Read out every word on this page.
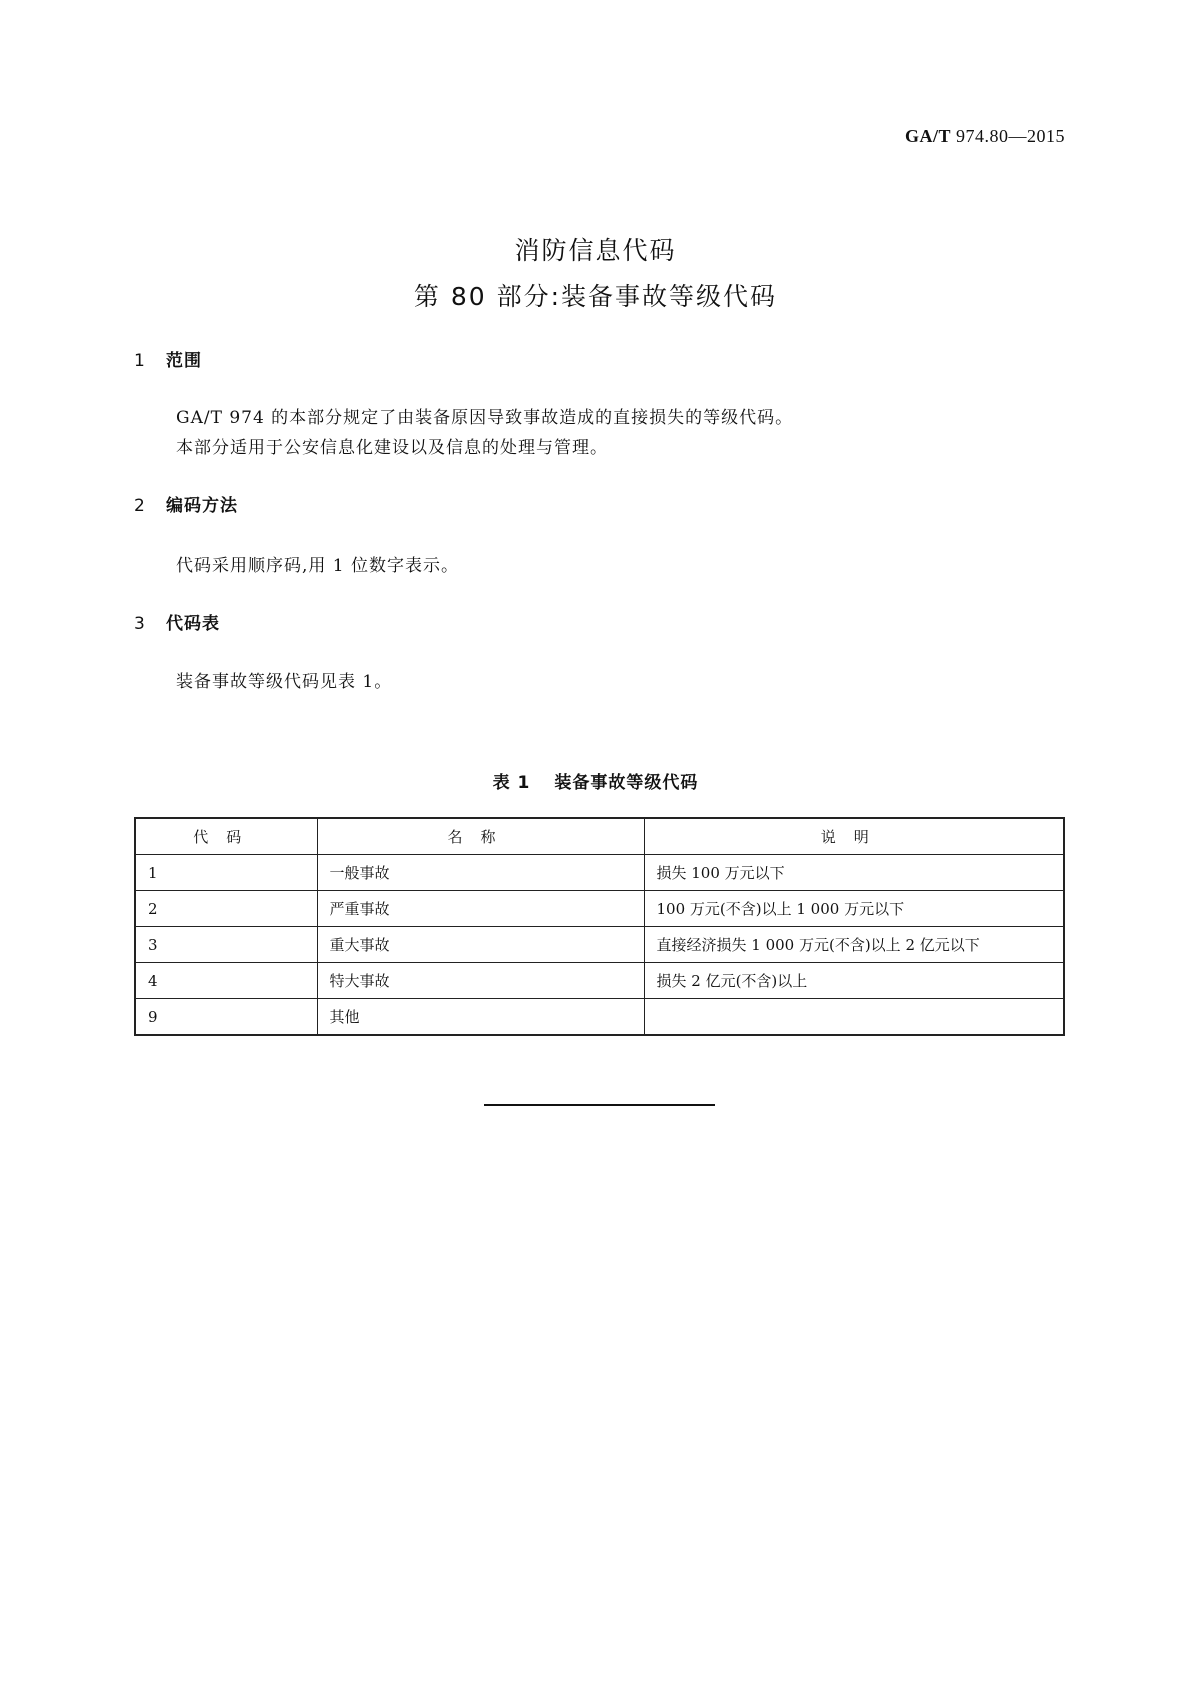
GA/T 974.80—2015
消防信息代码
第 80 部分:装备事故等级代码
1 范围
GA/T 974 的本部分规定了由装备原因导致事故造成的直接损失的等级代码。
本部分适用于公安信息化建设以及信息的处理与管理。
2 编码方法
代码采用顺序码,用 1 位数字表示。
3 代码表
装备事故等级代码见表 1。
表 1 装备事故等级代码
代码	名称	说明
1	一般事故	损失 100 万元以下
2	严重事故	100 万元(不含)以上 1 000 万元以下
3	重大事故	直接经济损失 1 000 万元(不含)以上 2 亿元以下
4	特大事故	损失 2 亿元(不含)以上
9	其他	
